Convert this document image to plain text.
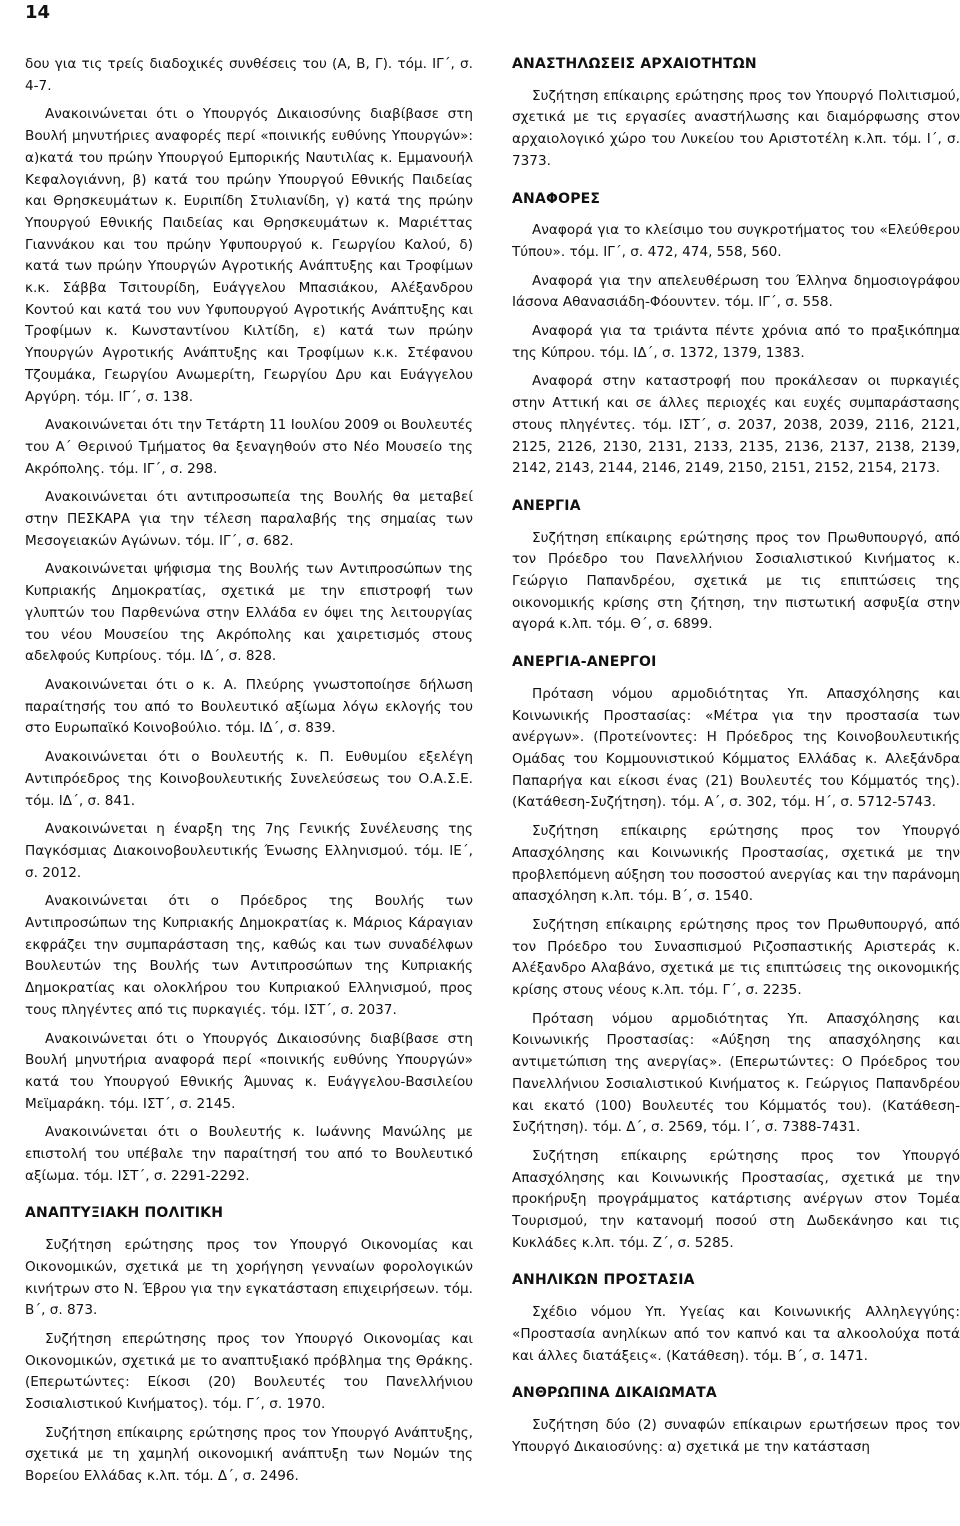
14

δου για τις τρείς διαδοχικές συνθέσεις του (Α, Β, Γ). τόμ. ΙΓ΄, σ. 4-7.

Ανακοινώνεται ότι ο Υπουργός Δικαιοσύνης διαβίβασε στη Βουλή μηνυτήριες αναφορές περί «ποινικής ευθύνης Υπουργών»: α)κατά του πρώην Υπουργού Εμπορικής Ναυτιλίας κ. Εμμανουήλ Κεφαλογιάννη, β) κατά του πρώην Υπουργού Εθνικής Παιδείας και Θρησκευμάτων κ. Ευριπίδη Στυλιανίδη, γ) κατά της πρώην Υπουργού Εθνικής Παιδείας και Θρησκευμάτων κ. Μαριέττας Γιαννάκου και του πρώην Υφυπουργού κ. Γεωργίου Καλού, δ) κατά των πρώην Υπουργών Αγροτικής Ανάπτυξης και Τροφίμων κ.κ. Σάββα Τσιτουρίδη, Ευάγγελου Μπασιάκου, Αλέξανδρου Κοντού και κατά του νυν Υφυπουργού Αγροτικής Ανάπτυξης και Τροφίμων κ. Κωνσταντίνου Κιλτίδη, ε) κατά των πρώην Υπουργών Αγροτικής Ανάπτυξης και Τροφίμων κ.κ. Στέφανου Τζουμάκα, Γεωργίου Ανωμερίτη, Γεωργίου Δρυ και Ευάγγελου Αργύρη. τόμ. ΙΓ΄, σ. 138.

Ανακοινώνεται ότι την Τετάρτη 11 Ιουλίου 2009 οι Βουλευτές του Α΄ Θερινού Τμήματος θα ξεναγηθούν στο Νέο Μουσείο της Ακρόπολης. τόμ. ΙΓ΄, σ. 298.

Ανακοινώνεται ότι αντιπροσωπεία της Βουλής θα μεταβεί στην ΠΕΣΚΑΡΑ για την τέλεση παραλαβής της σημαίας των Μεσογειακών Αγώνων. τόμ. ΙΓ΄, σ. 682.

Ανακοινώνεται ψήφισμα της Βουλής των Αντιπροσώπων της Κυπριακής Δημοκρατίας, σχετικά με την επιστροφή των γλυπτών του Παρθενώνα στην Ελλάδα εν όψει της λειτουργίας του νέου Μουσείου της Ακρόπολης και χαιρετισμός στους αδελφούς Κυπρίους. τόμ. ΙΔ΄, σ. 828.

Ανακοινώνεται ότι ο κ. Α. Πλεύρης γνωστοποίησε δήλωση παραίτησής του από το Βουλευτικό αξίωμα λόγω εκλογής του στο Ευρωπαϊκό Κοινοβούλιο. τόμ. ΙΔ΄, σ. 839.

Ανακοινώνεται ότι ο Βουλευτής κ. Π. Ευθυμίου εξελέγη Αντιπρόεδρος της Κοινοβουλευτικής Συνελεύσεως του Ο.Α.Σ.Ε. τόμ. ΙΔ΄, σ. 841.

Ανακοινώνεται η έναρξη της 7ης Γενικής Συνέλευσης της Παγκόσμιας Διακοινοβουλευτικής Ένωσης Ελληνισμού. τόμ. ΙΕ΄, σ. 2012.

Ανακοινώνεται ότι ο Πρόεδρος της Βουλής των Αντιπροσώπων της Κυπριακής Δημοκρατίας κ. Μάριος Κάραγιαν εκφράζει την συμπαράσταση της, καθώς και των συναδέλφων Βουλευτών της Βουλής των Αντιπροσώπων της Κυπριακής Δημοκρατίας και ολοκλήρου του Κυπριακού Ελληνισμού, προς τους πληγέντες από τις πυρκαγιές. τόμ. ΙΣΤ΄, σ. 2037.

Ανακοινώνεται ότι ο Υπουργός Δικαιοσύνης διαβίβασε στη Βουλή μηνυτήρια αναφορά περί «ποινικής ευθύνης Υπουργών» κατά του Υπουργού Εθνικής Άμυνας κ. Ευάγγελου-Βασιλείου Μεϊμαράκη. τόμ. ΙΣΤ΄, σ. 2145.

Ανακοινώνεται ότι ο Βουλευτής κ. Ιωάννης Μανώλης με επιστολή του υπέβαλε την παραίτησή του από το Βουλευτικό αξίωμα. τόμ. ΙΣΤ΄, σ. 2291-2292.

ΑΝΑΠΤΥΞΙΑΚΗ ΠΟΛΙΤΙΚΗ

Συζήτηση ερώτησης προς τον Υπουργό Οικονομίας και Οικονομικών, σχετικά με τη χορήγηση γενναίων φορολογικών κινήτρων στο Ν. Έβρου για την εγκατάσταση επιχειρήσεων. τόμ. Β΄, σ. 873.

Συζήτηση επερώτησης προς τον Υπουργό Οικονομίας και Οικονομικών, σχετικά με το αναπτυξιακό πρόβλημα της Θράκης. (Επερωτώντες: Είκοσι (20) Βουλευτές του Πανελλήνιου Σοσιαλιστικού Κινήματος). τόμ. Γ΄, σ. 1970.

Συζήτηση επίκαιρης ερώτησης προς τον Υπουργό Ανάπτυξης, σχετικά με τη χαμηλή οικονομική ανάπτυξη των Νομών της Βορείου Ελλάδας κ.λπ. τόμ. Δ΄, σ. 2496.

ΑΝΑΣΤΗΛΩΣΕΙΣ ΑΡΧΑΙΟΤΗΤΩΝ

Συζήτηση επίκαιρης ερώτησης προς τον Υπουργό Πολιτισμού, σχετικά με τις εργασίες αναστήλωσης και διαμόρφωσης στον αρχαιολογικό χώρο του Λυκείου του Αριστοτέλη κ.λπ. τόμ. Ι΄, σ. 7373.

ΑΝΑΦΟΡΕΣ

Αναφορά για το κλείσιμο του συγκροτήματος του «Ελεύθερου Τύπου». τόμ. ΙΓ΄, σ. 472, 474, 558, 560.

Αναφορά για την απελευθέρωση του Έλληνα δημοσιογράφου Ιάσονα Αθανασιάδη-Φόουντεν. τόμ. ΙΓ΄, σ. 558.

Αναφορά για τα τριάντα πέντε χρόνια από το πραξικόπημα της Κύπρου. τόμ. ΙΔ΄, σ. 1372, 1379, 1383.

Αναφορά στην καταστροφή που προκάλεσαν οι πυρκαγιές στην Αττική και σε άλλες περιοχές και ευχές συμπαράστασης στους πληγέντες. τόμ. ΙΣΤ΄, σ. 2037, 2038, 2039, 2116, 2121, 2125, 2126, 2130, 2131, 2133, 2135, 2136, 2137, 2138, 2139, 2142, 2143, 2144, 2146, 2149, 2150, 2151, 2152, 2154, 2173.

ΑΝΕΡΓΙΑ

Συζήτηση επίκαιρης ερώτησης προς τον Πρωθυπουργό, από τον Πρόεδρο του Πανελλήνιου Σοσιαλιστικού Κινήματος κ. Γεώργιο Παπανδρέου, σχετικά με τις επιπτώσεις της οικονομικής κρίσης στη ζήτηση, την πιστωτική ασφυξία στην αγορά κ.λπ. τόμ. Θ΄, σ. 6899.

ΑΝΕΡΓΙΑ-ΑΝΕΡΓΟΙ

Πρόταση νόμου αρμοδιότητας Υπ. Απασχόλησης και Κοινωνικής Προστασίας: «Μέτρα για την προστασία των ανέργων». (Προτείνοντες: Η Πρόεδρος της Κοινοβουλευτικής Ομάδας του Κομμουνιστικού Κόμματος Ελλάδας κ. Αλεξάνδρα Παπαρήγα και είκοσι ένας (21) Βουλευτές του Κόμματός της). (Κατάθεση-Συζήτηση). τόμ. Α΄, σ. 302, τόμ. Η΄, σ. 5712-5743.

Συζήτηση επίκαιρης ερώτησης προς τον Υπουργό Απασχόλησης και Κοινωνικής Προστασίας, σχετικά με την προβλεπόμενη αύξηση του ποσοστού ανεργίας και την παράνομη απασχόληση κ.λπ. τόμ. Β΄, σ. 1540.

Συζήτηση επίκαιρης ερώτησης προς τον Πρωθυπουργό, από τον Πρόεδρο του Συνασπισμού Ριζοσπαστικής Αριστεράς κ. Αλέξανδρο Αλαβάνο, σχετικά με τις επιπτώσεις της οικονομικής κρίσης στους νέους κ.λπ. τόμ. Γ΄, σ. 2235.

Πρόταση νόμου αρμοδιότητας Υπ. Απασχόλησης και Κοινωνικής Προστασίας: «Αύξηση της απασχόλησης και αντιμετώπιση της ανεργίας». (Επερωτώντες: Ο Πρόεδρος του Πανελλήνιου Σοσιαλιστικού Κινήματος κ. Γεώργιος Παπανδρέου και εκατό (100) Βουλευτές του Κόμματός του). (Κατάθεση-Συζήτηση). τόμ. Δ΄, σ. 2569, τόμ. Ι΄, σ. 7388-7431.

Συζήτηση επίκαιρης ερώτησης προς τον Υπουργό Απασχόλησης και Κοινωνικής Προστασίας, σχετικά με την προκήρυξη προγράμματος κατάρτισης ανέργων στον Τομέα Τουρισμού, την κατανομή ποσού στη Δωδεκάνησο και τις Κυκλάδες κ.λπ. τόμ. Ζ΄, σ. 5285.

ΑΝΗΛΙΚΩΝ ΠΡΟΣΤΑΣΙΑ

Σχέδιο νόμου Υπ. Υγείας και Κοινωνικής Αλληλεγγύης: «Προστασία ανηλίκων από τον καπνό και τα αλκοολούχα ποτά και άλλες διατάξεις«. (Κατάθεση). τόμ. Β΄, σ. 1471.

ΑΝΘΡΩΠΙΝΑ ΔΙΚΑΙΩΜΑΤΑ

Συζήτηση δύο (2) συναφών επίκαιρων ερωτήσεων προς τον Υπουργό Δικαιοσύνης: α) σχετικά με την κατάσταση
